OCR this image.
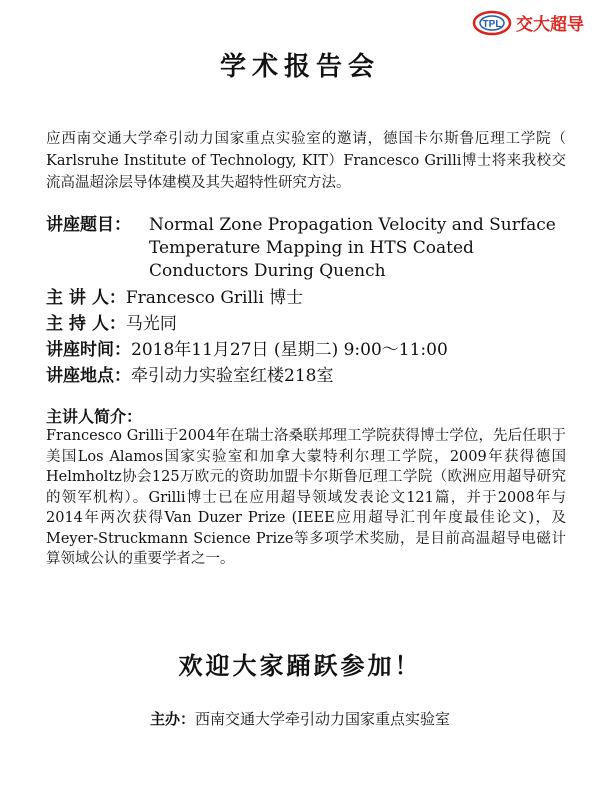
TPL 交大超导
学术报告会
应西南交通大学牵引动力国家重点实验室的邀请，德国卡尔斯鲁厄理工学院（ Karlsruhe Institute of Technology, KIT）Francesco Grilli博士将来我校交流高温超涂层导体建模及其失超特性研究方法。
讲座题目：	Normal Zone Propagation Velocity and Surface Temperature Mapping in HTS Coated Conductors During Quench
主 讲 人：Francesco Grilli 博士
主 持 人：马光同
讲座时间：2018年11月27日 (星期二) 9:00～11:00
讲座地点：牵引动力实验室红楼218室
主讲人简介：
Francesco Grilli于2004年在瑞士洛桑联邦理工学院获得博士学位，先后任职于美国Los Alamos国家实验室和加拿大蒙特利尔理工学院，2009年获得德国Helmholtz协会125万欧元的资助加盟卡尔斯鲁厄理工学院（欧洲应用超导研究的领军机构）。Grilli博士已在应用超导领域发表论文121篇，并于2008年与2014年两次获得Van Duzer Prize (IEEE应用超导汇刊年度最佳论文)，及Meyer-Struckmann Science Prize等多项学术奖励，是目前高温超导电磁计算领域公认的重要学者之一。
欢迎大家踊跃参加！
主办：西南交通大学牵引动力国家重点实验室
